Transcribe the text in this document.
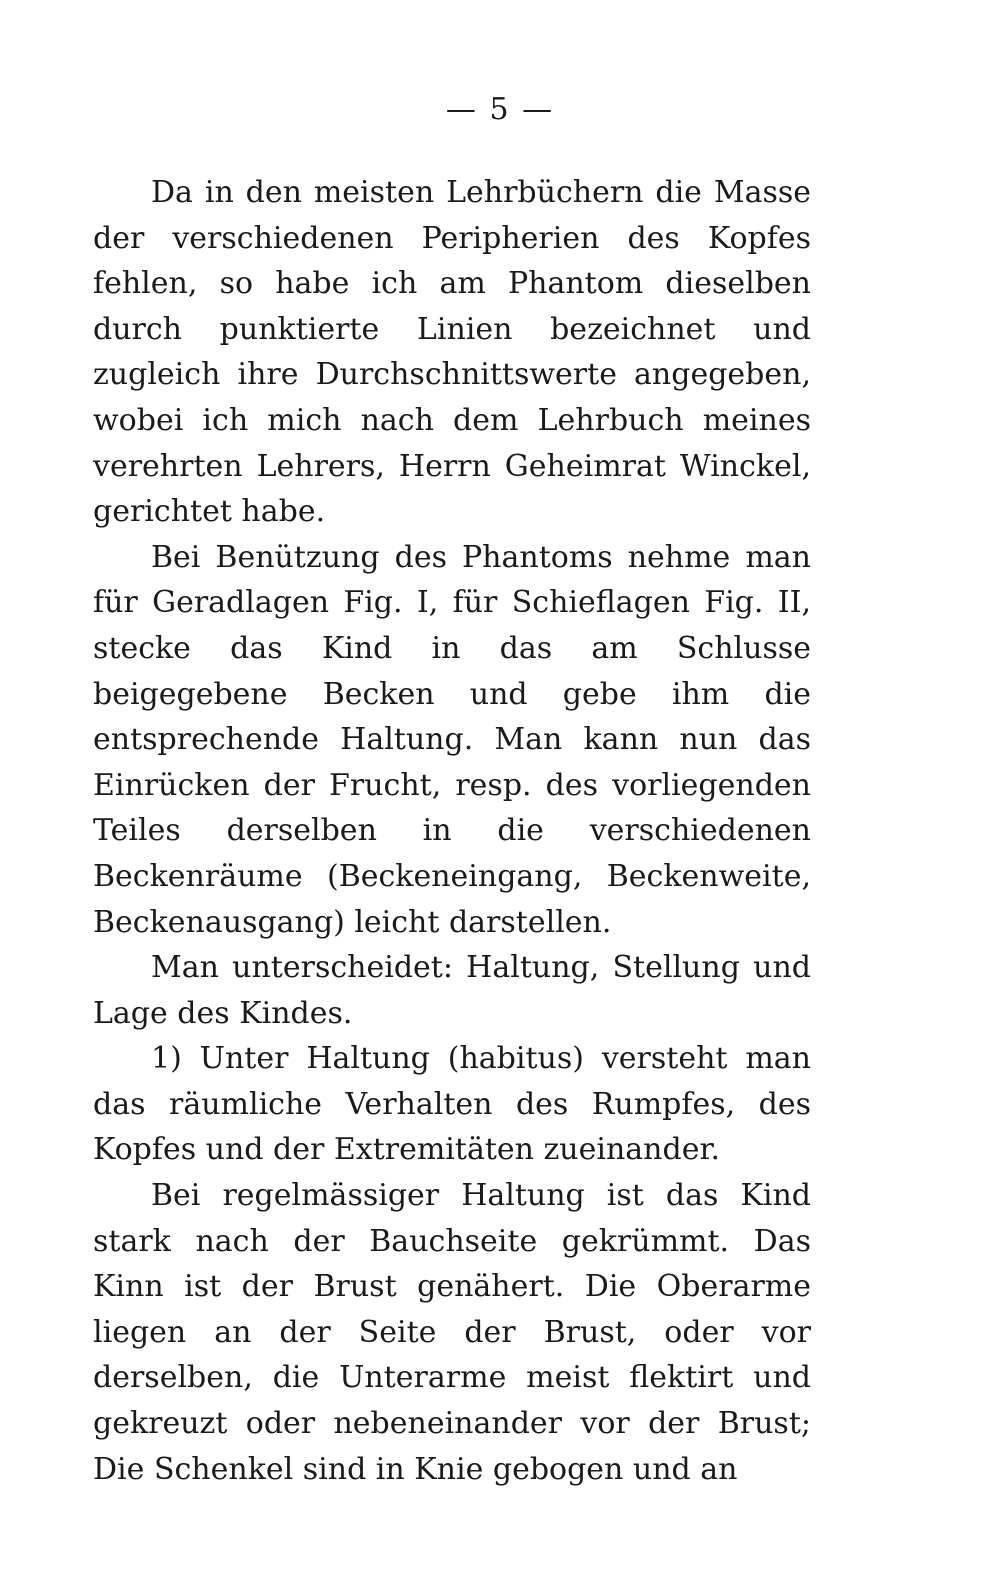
— 5 —

Da in den meisten Lehrbüchern die Masse der verschiedenen Peripherien des Kopfes fehlen, so habe ich am Phantom dieselben durch punktierte Linien bezeichnet und zugleich ihre Durchschnittswerte angegeben, wobei ich mich nach dem Lehrbuch meines verehrten Lehrers, Herrn Geheimrat Winckel, gerichtet habe.

Bei Benützung des Phantoms nehme man für Geradlagen Fig. I, für Schieflagen Fig. II, stecke das Kind in das am Schlusse beigegebene Becken und gebe ihm die entsprechende Haltung. Man kann nun das Einrücken der Frucht, resp. des vorliegenden Teiles derselben in die verschiedenen Beckenräume (Beckeneingang, Beckenweite, Beckenausgang) leicht darstellen.

Man unterscheidet: Haltung, Stellung und Lage des Kindes.

1) Unter Haltung (habitus) versteht man das räumliche Verhalten des Rumpfes, des Kopfes und der Extremitäten zueinander.

Bei regelmässiger Haltung ist das Kind stark nach der Bauchseite gekrümmt. Das Kinn ist der Brust genähert. Die Oberarme liegen an der Seite der Brust, oder vor derselben, die Unterarme meist flektirt und gekreuzt oder nebeneinander vor der Brust; Die Schenkel sind in Knie gebogen und an
